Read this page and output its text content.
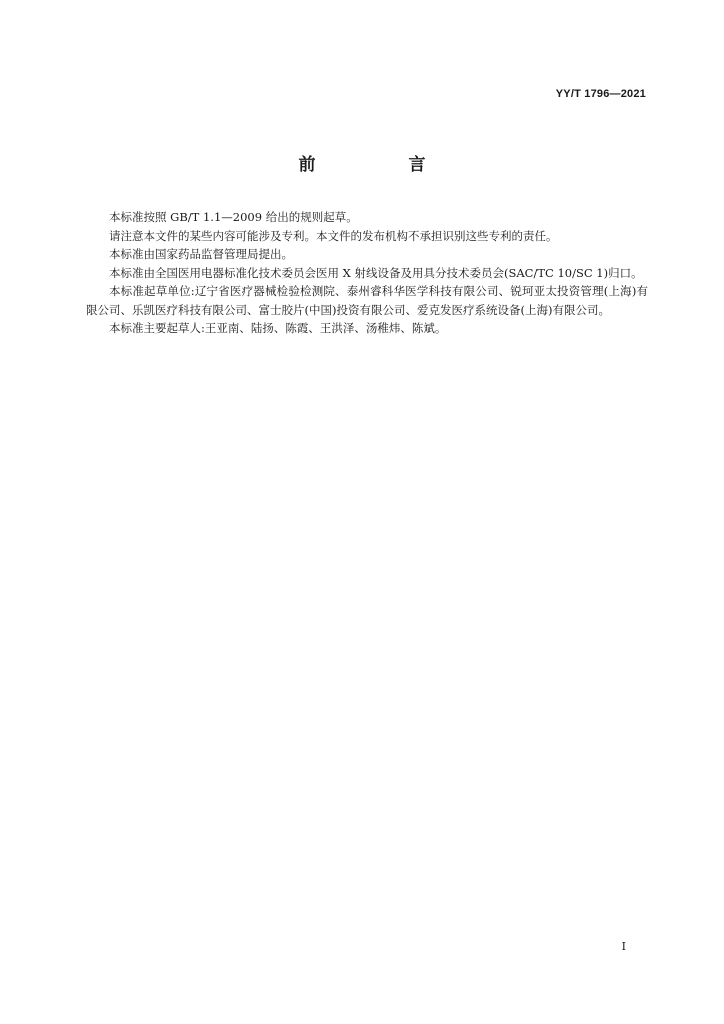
YY/T 1796—2021
前　言

本标准按照 GB/T 1.1—2009 给出的规则起草。

请注意本文件的某些内容可能涉及专利。本文件的发布机构不承担识别这些专利的责任。

本标准由国家药品监督管理局提出。

本标准由全国医用电器标准化技术委员会医用 X 射线设备及用具分技术委员会(SAC/TC 10/SC 1)归口。

本标准起草单位:辽宁省医疗器械检验检测院、泰州睿科华医学科技有限公司、锐珂亚太投资管理(上海)有限公司、乐凯医疗科技有限公司、富士胶片(中国)投资有限公司、爱克发医疗系统设备(上海)有限公司。

本标准主要起草人:王亚南、陆扬、陈霞、王洪泽、汤稚炜、陈斌。

I
